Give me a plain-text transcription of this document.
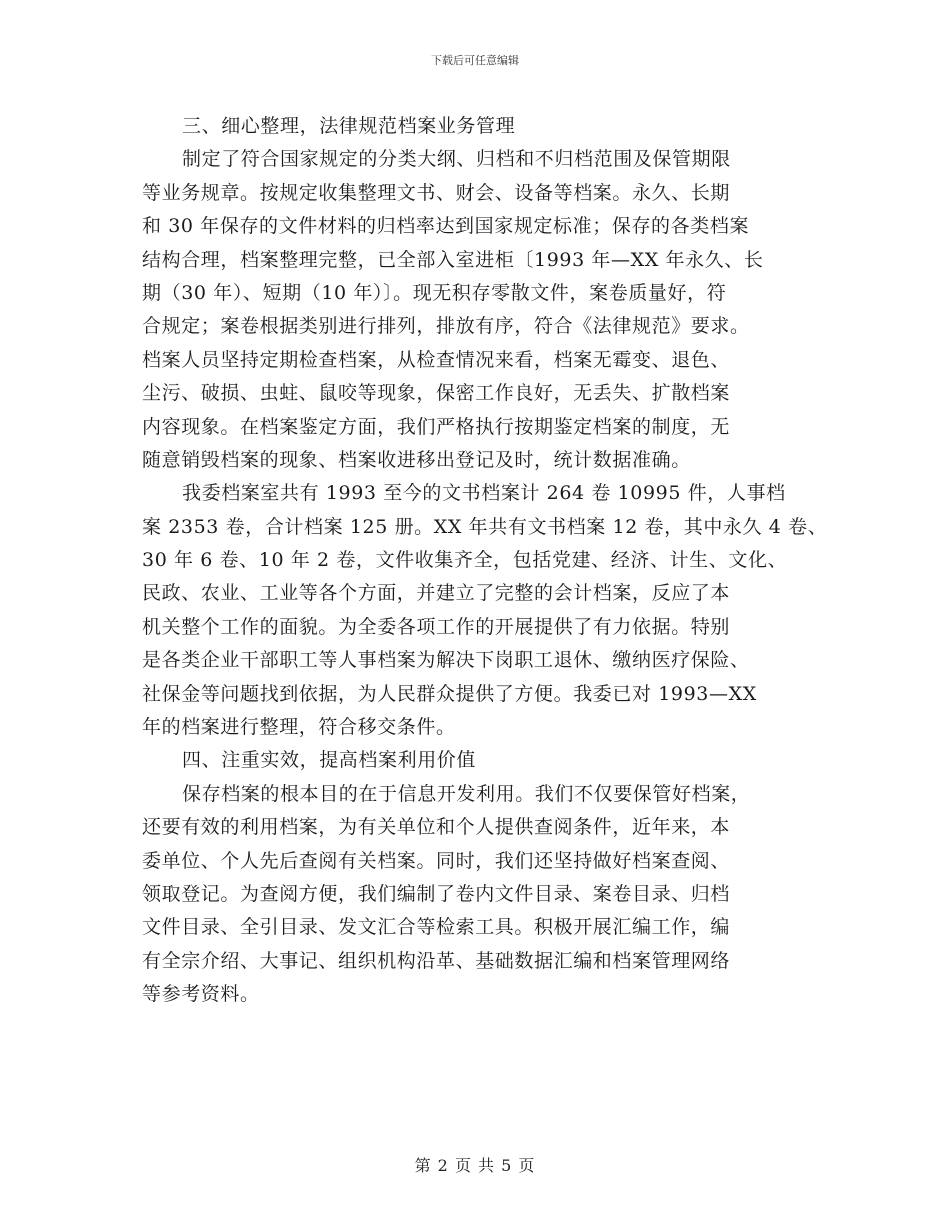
下载后可任意编辑
三、细心整理，法律规范档案业务管理
制定了符合国家规定的分类大纲、归档和不归档范围及保管期限
等业务规章。按规定收集整理文书、财会、设备等档案。永久、长期
和 30 年保存的文件材料的归档率达到国家规定标准；保存的各类档案
结构合理，档案整理完整，已全部入室进柜〔1993 年—XX 年永久、长
期（30 年）、短期（10 年）〕。现无积存零散文件，案卷质量好，符
合规定；案卷根据类别进行排列，排放有序，符合《法律规范》要求。
档案人员坚持定期检查档案，从检查情况来看，档案无霉变、退色、
尘污、破损、虫蛀、鼠咬等现象，保密工作良好，无丢失、扩散档案
内容现象。在档案鉴定方面，我们严格执行按期鉴定档案的制度，无
随意销毁档案的现象、档案收进移出登记及时，统计数据准确。
我委档案室共有 1993 至今的文书档案计 264 卷 10995 件，人事档
案 2353 卷，合计档案 125 册。XX 年共有文书档案 12 卷，其中永久 4 卷、
30 年 6 卷、10 年 2 卷，文件收集齐全，包括党建、经济、计生、文化、
民政、农业、工业等各个方面，并建立了完整的会计档案，反应了本
机关整个工作的面貌。为全委各项工作的开展提供了有力依据。特别
是各类企业干部职工等人事档案为解决下岗职工退休、缴纳医疗保险、
社保金等问题找到依据，为人民群众提供了方便。我委已对 1993—XX
年的档案进行整理，符合移交条件。
四、注重实效，提高档案利用价值
保存档案的根本目的在于信息开发利用。我们不仅要保管好档案，
还要有效的利用档案，为有关单位和个人提供查阅条件，近年来，本
委单位、个人先后查阅有关档案。同时，我们还坚持做好档案查阅、
领取登记。为查阅方便，我们编制了卷内文件目录、案卷目录、归档
文件目录、全引目录、发文汇合等检索工具。积极开展汇编工作，编
有全宗介绍、大事记、组织机构沿革、基础数据汇编和档案管理网络
等参考资料。
第 2 页 共 5 页
